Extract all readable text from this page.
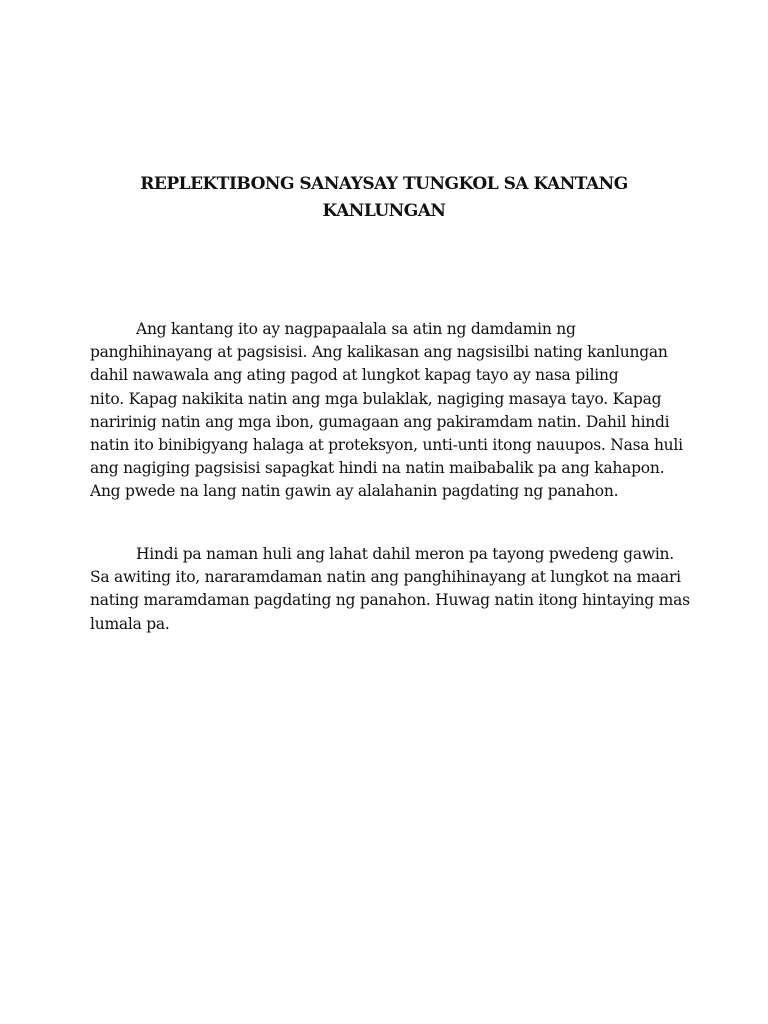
REPLEKTIBONG SANAYSAY TUNGKOL SA KANTANG
KANLUNGAN
Ang kantang ito ay nagpapaalala sa atin ng damdamin ng
panghihinayang at pagsisisi. Ang kalikasan ang nagsisilbi nating kanlungan
dahil nawawala ang ating pagod at lungkot kapag tayo ay nasa piling
nito. Kapag nakikita natin ang mga bulaklak, nagiging masaya tayo. Kapag
naririnig natin ang mga ibon, gumagaan ang pakiramdam natin. Dahil hindi
natin ito binibigyang halaga at proteksyon, unti-unti itong nauupos. Nasa huli
ang nagiging pagsisisi sapagkat hindi na natin maibabalik pa ang kahapon.
Ang pwede na lang natin gawin ay alalahanin pagdating ng panahon.
Hindi pa naman huli ang lahat dahil meron pa tayong pwedeng gawin.
Sa awiting ito, nararamdaman natin ang panghihinayang at lungkot na maari
nating maramdaman pagdating ng panahon. Huwag natin itong hintaying mas
lumala pa.
